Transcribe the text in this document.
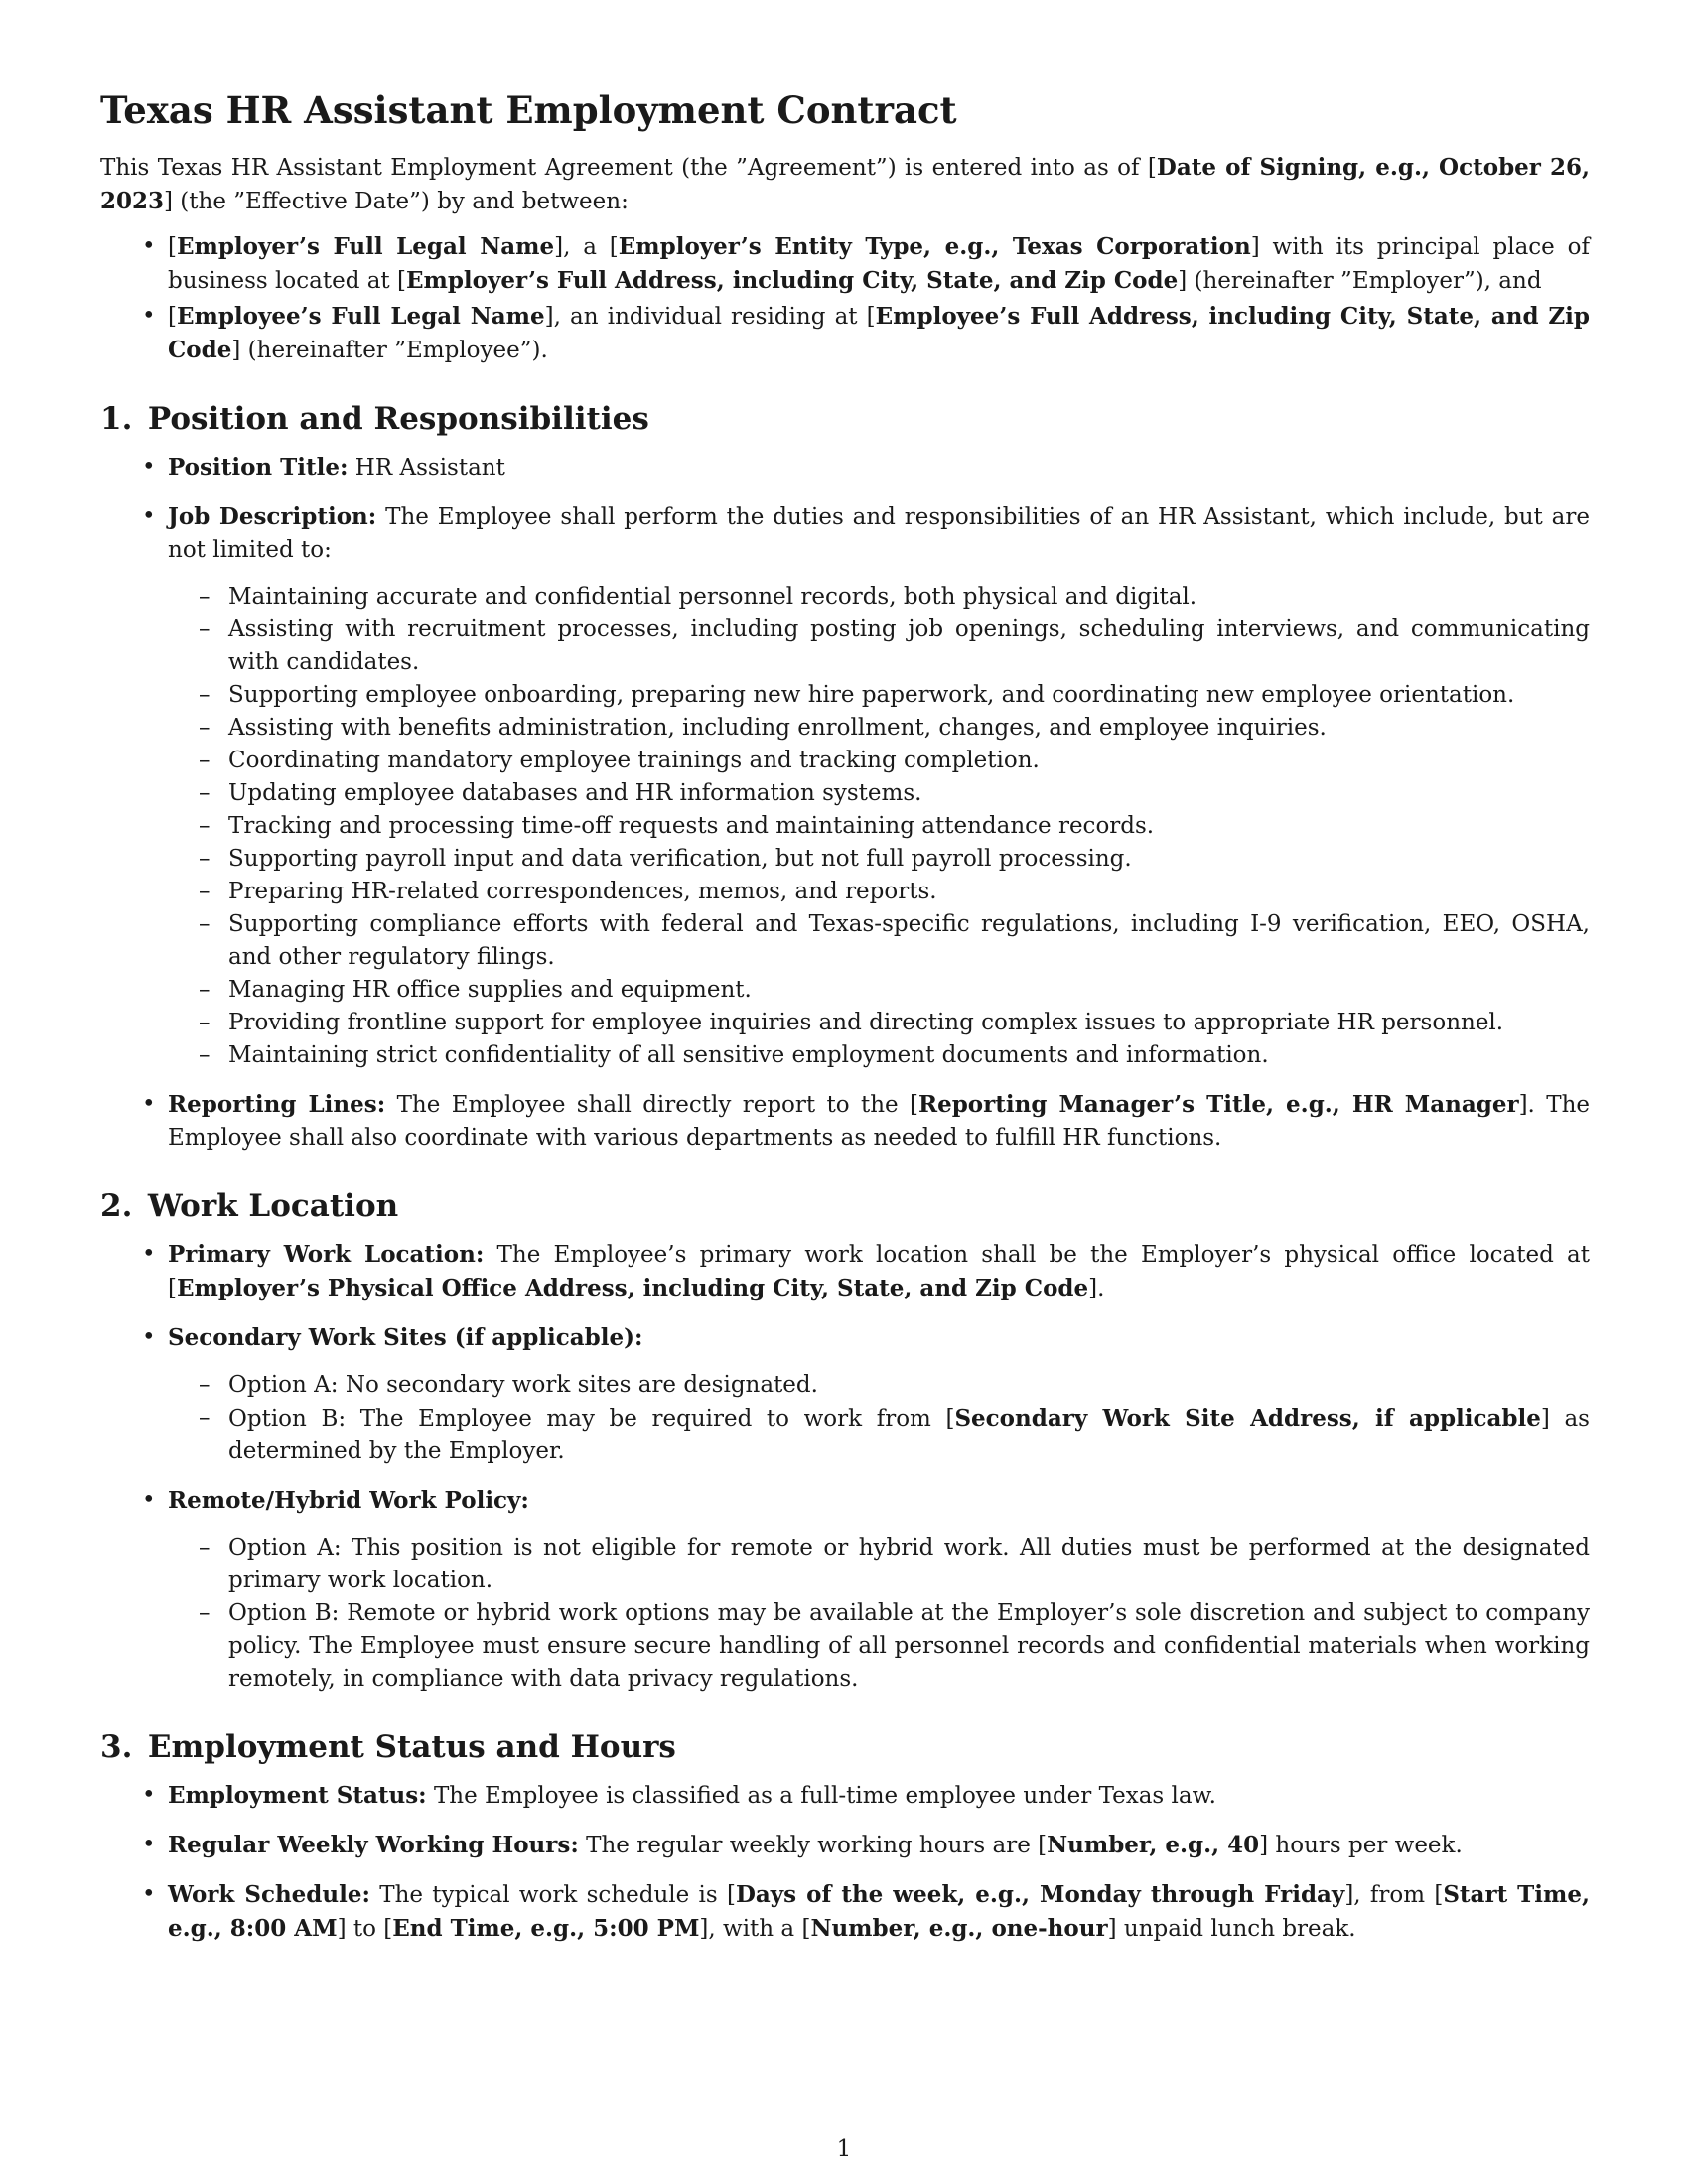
Texas HR Assistant Employment Contract

This Texas HR Assistant Employment Agreement (the ”Agreement”) is entered into as of [Date of Signing, e.g., October 26, 2023] (the ”Effective Date”) by and between:

• [Employer’s Full Legal Name], a [Employer’s Entity Type, e.g., Texas Corporation] with its principal place of business located at [Employer’s Full Address, including City, State, and Zip Code] (hereinafter ”Employer”), and
• [Employee’s Full Legal Name], an individual residing at [Employee’s Full Address, including City, State, and Zip Code] (hereinafter ”Employee”).
1. Position and Responsibilities
• Position Title: HR Assistant
• Job Description: The Employee shall perform the duties and responsibilities of an HR Assistant, which include, but are not limited to:
– Maintaining accurate and confidential personnel records, both physical and digital.
– Assisting with recruitment processes, including posting job openings, scheduling interviews, and communicating with candidates.
– Supporting employee onboarding, preparing new hire paperwork, and coordinating new employee orientation.
– Assisting with benefits administration, including enrollment, changes, and employee inquiries.
– Coordinating mandatory employee trainings and tracking completion.
– Updating employee databases and HR information systems.
– Tracking and processing time-off requests and maintaining attendance records.
– Supporting payroll input and data verification, but not full payroll processing.
– Preparing HR-related correspondences, memos, and reports.
– Supporting compliance efforts with federal and Texas-specific regulations, including I-9 verification, EEO, OSHA, and other regulatory filings.
– Managing HR office supplies and equipment.
– Providing frontline support for employee inquiries and directing complex issues to appropriate HR personnel.
– Maintaining strict confidentiality of all sensitive employment documents and information.
• Reporting Lines: The Employee shall directly report to the [Reporting Manager’s Title, e.g., HR Manager]. The Employee shall also coordinate with various departments as needed to fulfill HR functions.
2. Work Location
• Primary Work Location: The Employee’s primary work location shall be the Employer’s physical office located at [Employer’s Physical Office Address, including City, State, and Zip Code].
• Secondary Work Sites (if applicable):
– Option A: No secondary work sites are designated.
– Option B: The Employee may be required to work from [Secondary Work Site Address, if applicable] as determined by the Employer.
• Remote/Hybrid Work Policy:
– Option A: This position is not eligible for remote or hybrid work. All duties must be performed at the designated primary work location.
– Option B: Remote or hybrid work options may be available at the Employer’s sole discretion and subject to company policy. The Employee must ensure secure handling of all personnel records and confidential materials when working remotely, in compliance with data privacy regulations.
3. Employment Status and Hours
• Employment Status: The Employee is classified as a full-time employee under Texas law.
• Regular Weekly Working Hours: The regular weekly working hours are [Number, e.g., 40] hours per week.
• Work Schedule: The typical work schedule is [Days of the week, e.g., Monday through Friday], from [Start Time, e.g., 8:00 AM] to [End Time, e.g., 5:00 PM], with a [Number, e.g., one-hour] unpaid lunch break.
1
